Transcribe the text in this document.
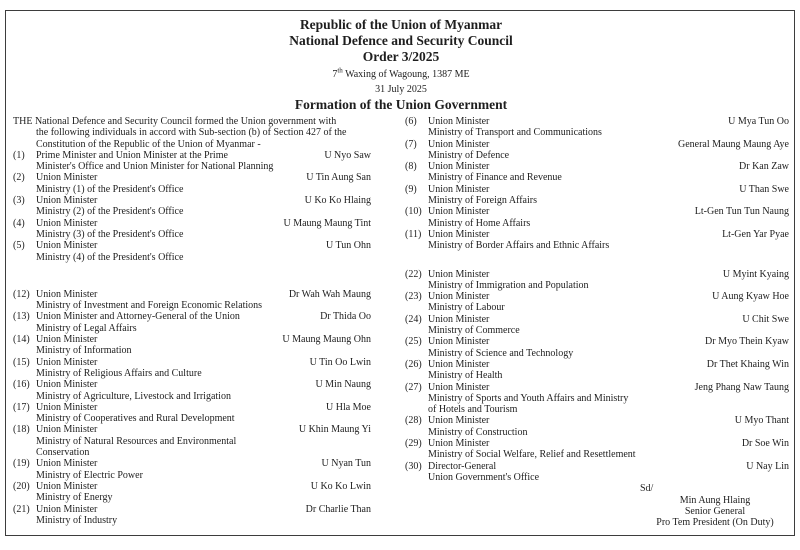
Republic of the Union of Myanmar
National Defence and Security Council
Order 3/2025
7th Waxing of Wagoung, 1387 ME
31 July 2025
Formation of the Union Government
THE National Defence and Security Council formed the Union government with
the following individuals in accord with Sub-section (b) of Section 427 of the
Constitution of the Republic of the Union of Myanmar -
(1)	Prime Minister and Union Minister at the Prime	U Nyo Saw
Minister's Office and Union Minister for National Planning
(2)	Union Minister	U Tin Aung San
Ministry (1) of the President's Office
(3)	Union Minister	U Ko Ko Hlaing
Ministry (2) of the President's Office
(4)	Union Minister	U Maung Maung Tint
Ministry (3) of the President's Office
(5)	Union Minister	U Tun Ohn
Ministry (4) of the President's Office
(12) Union Minister	Dr Wah Wah Maung
Ministry of Investment and Foreign Economic Relations
(13) Union Minister and Attorney-General of the Union	Dr Thida Oo
Ministry of Legal Affairs
(14) Union Minister	U Maung Maung Ohn
Ministry of Information
(15) Union Minister	U Tin Oo Lwin
Ministry of Religious Affairs and Culture
(16) Union Minister	U Min Naung
Ministry of Agriculture, Livestock and Irrigation
(17) Union Minister	U Hla Moe
Ministry of Cooperatives and Rural Development
(18) Union Minister	U Khin Maung Yi
Ministry of Natural Resources and Environmental
Conservation
(19) Union Minister	U Nyan Tun
Ministry of Electric Power
(20) Union Minister	U Ko Ko Lwin
Ministry of Energy
(21) Union Minister	Dr Charlie Than
Ministry of Industry
(6)	Union Minister	U Mya Tun Oo
Ministry of Transport and Communications
(7)	Union Minister	General Maung Maung Aye
Ministry of Defence
(8)	Union Minister	Dr Kan Zaw
Ministry of Finance and Revenue
(9)	Union Minister	U Than Swe
Ministry of Foreign Affairs
(10) Union Minister	Lt-Gen Tun Tun Naung
Ministry of Home Affairs
(11) Union Minister	Lt-Gen Yar Pyae
Ministry of Border Affairs and Ethnic Affairs
(22) Union Minister	U Myint Kyaing
Ministry of Immigration and Population
(23) Union Minister	U Aung Kyaw Hoe
Ministry of Labour
(24) Union Minister	U Chit Swe
Ministry of Commerce
(25) Union Minister	Dr Myo Thein Kyaw
Ministry of Science and Technology
(26) Union Minister	Dr Thet Khaing Win
Ministry of Health
(27) Union Minister	Jeng Phang Naw Taung
Ministry of Sports and Youth Affairs and Ministry
of Hotels and Tourism
(28) Union Minister	U Myo Thant
Ministry of Construction
(29) Union Minister	Dr Soe Win
Ministry of Social Welfare, Relief and Resettlement
(30) Director-General	U Nay Lin
Union Government's Office
Sd/
Min Aung Hlaing
Senior General
Pro Tem President (On Duty)
